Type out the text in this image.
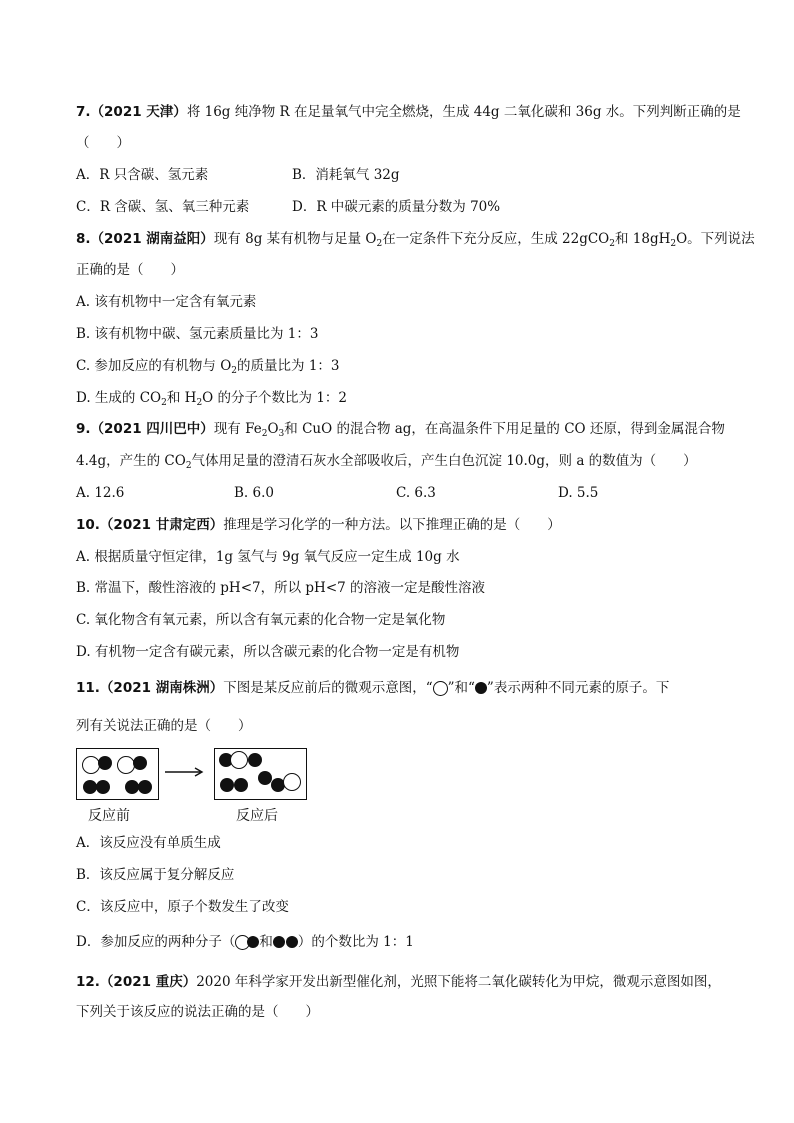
7.（2021 天津）将 16g 纯净物 R 在足量氧气中完全燃烧，生成 44g 二氧化碳和 36g 水。下列判断正确的是
（　　）
A．R 只含碳、氢元素	B．消耗氧气 32g
C．R 含碳、氢、氧三种元素	D．R 中碳元素的质量分数为 70%
8.（2021 湖南益阳）现有 8g 某有机物与足量 $O_2$在一定条件下充分反应，生成 22gCO$_2$和 $18gH_2O$。下列说法
正确的是（　　）
A. 该有机物中一定含有氧元素
B. 该有机物中碳、氢元素质量比为 1：3
C. 参加反应的有机物与 $O_2$的质量比为 1：3
D. 生成的 $CO_2$和 $H_2O$ 的分子个数比为 1：2
9.（2021 四川巴中）现有 $Fe_2O_3$和 CuO 的混合物 ag，在高温条件下用足量的 CO 还原，得到金属混合物
4.4g，产生的 $CO_2$气体用足量的澄清石灰水全部吸收后，产生白色沉淀 10.0g，则 a 的数值为（　　）
A. 12.6	B. 6.0	C. 6.3	D. 5.5
10.（2021 甘肃定西）推理是学习化学的一种方法。以下推理正确的是（　　）
A. 根据质量守恒定律，1g 氢气与 9g 氧气反应一定生成 10g 水
B. 常温下，酸性溶液的 pH<7，所以 pH<7 的溶液一定是酸性溶液
C. 氧化物含有氧元素，所以含有氧元素的化合物一定是氧化物
D. 有机物一定含有碳元素，所以含碳元素的化合物一定是有机物
11.（2021 湖南株洲）下图是某反应前后的微观示意图，“ ”和“ ”表示两种不同元素的原子。下
列有关说法正确的是（　　）
反应前	反应后
A．该反应没有单质生成
B．该反应属于复分解反应
C．该反应中，原子个数发生了改变
D．参加反应的两种分子（ 和 ）的个数比为 1：1
12.（2021 重庆）2020 年科学家开发出新型催化剂，光照下能将二氧化碳转化为甲烷，微观示意图如图，
下列关于该反应的说法正确的是（　　）
